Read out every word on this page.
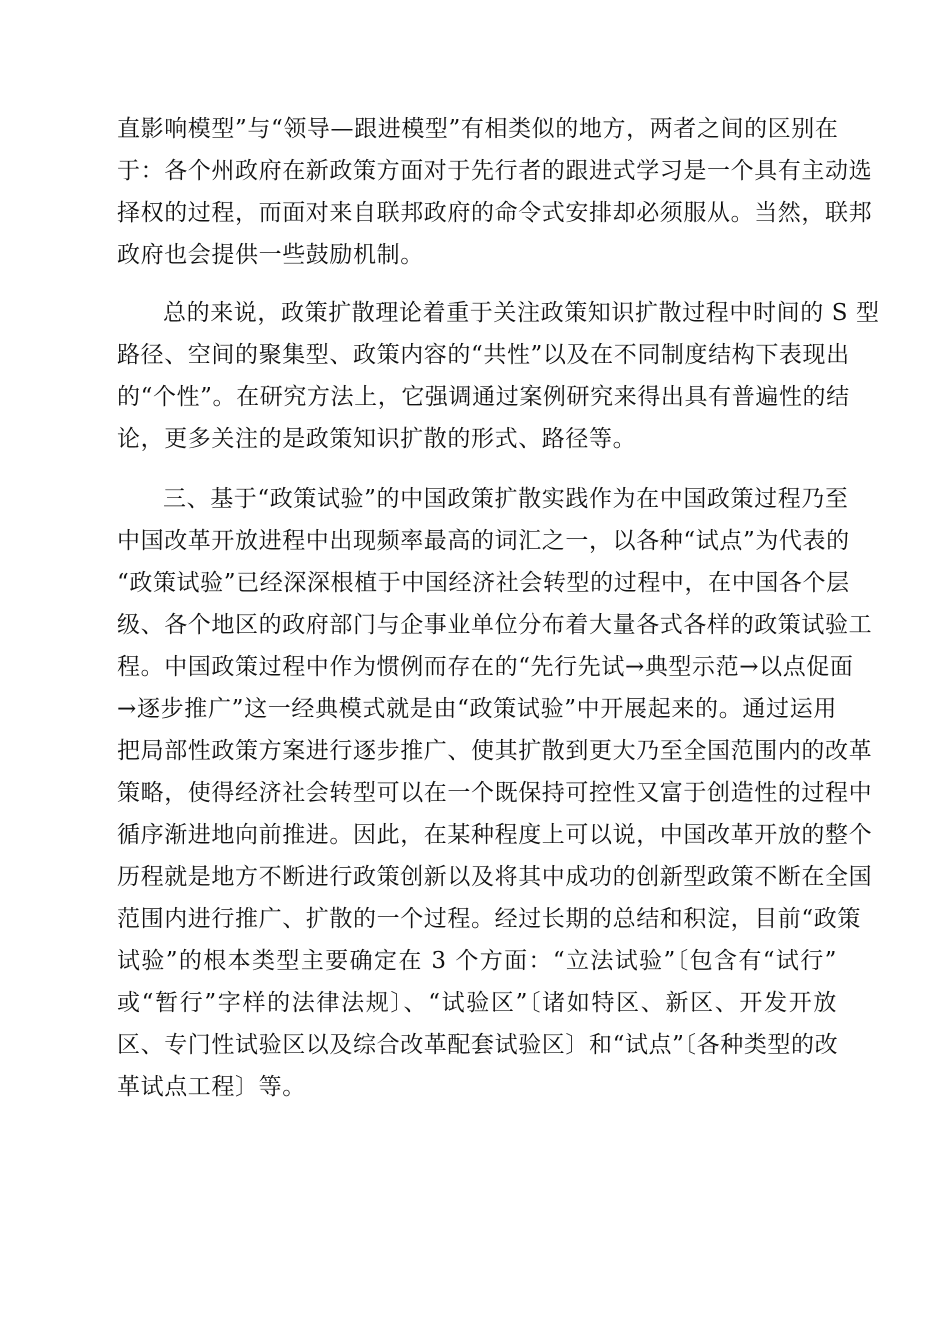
直影响模型”与“领导—跟进模型”有相类似的地方，两者之间的区别在
于：各个州政府在新政策方面对于先行者的跟进式学习是一个具有主动选
择权的过程，而面对来自联邦政府的命令式安排却必须服从。当然，联邦
政府也会提供一些鼓励机制。
总的来说，政策扩散理论着重于关注政策知识扩散过程中时间的 S 型
路径、空间的聚集型、政策内容的“共性”以及在不同制度结构下表现出
的“个性”。在研究方法上，它强调通过案例研究来得出具有普遍性的结
论，更多关注的是政策知识扩散的形式、路径等。
三、基于“政策试验”的中国政策扩散实践作为在中国政策过程乃至
中国改革开放进程中出现频率最高的词汇之一，以各种“试点”为代表的
“政策试验”已经深深根植于中国经济社会转型的过程中，在中国各个层
级、各个地区的政府部门与企事业单位分布着大量各式各样的政策试验工
程。中国政策过程中作为惯例而存在的“先行先试→典型示范→以点促面
→逐步推广”这一经典模式就是由“政策试验”中开展起来的。通过运用
把局部性政策方案进行逐步推广、使其扩散到更大乃至全国范围内的改革
策略，使得经济社会转型可以在一个既保持可控性又富于创造性的过程中
循序渐进地向前推进。因此，在某种程度上可以说，中国改革开放的整个
历程就是地方不断进行政策创新以及将其中成功的创新型政策不断在全国
范围内进行推广、扩散的一个过程。经过长期的总结和积淀，目前“政策
试验”的根本类型主要确定在 3 个方面：“立法试验”〔包含有“试行”
或“暂行”字样的法律法规〕、“试验区”〔诸如特区、新区、开发开放
区、专门性试验区以及综合改革配套试验区〕和“试点”〔各种类型的改
革试点工程〕等。
